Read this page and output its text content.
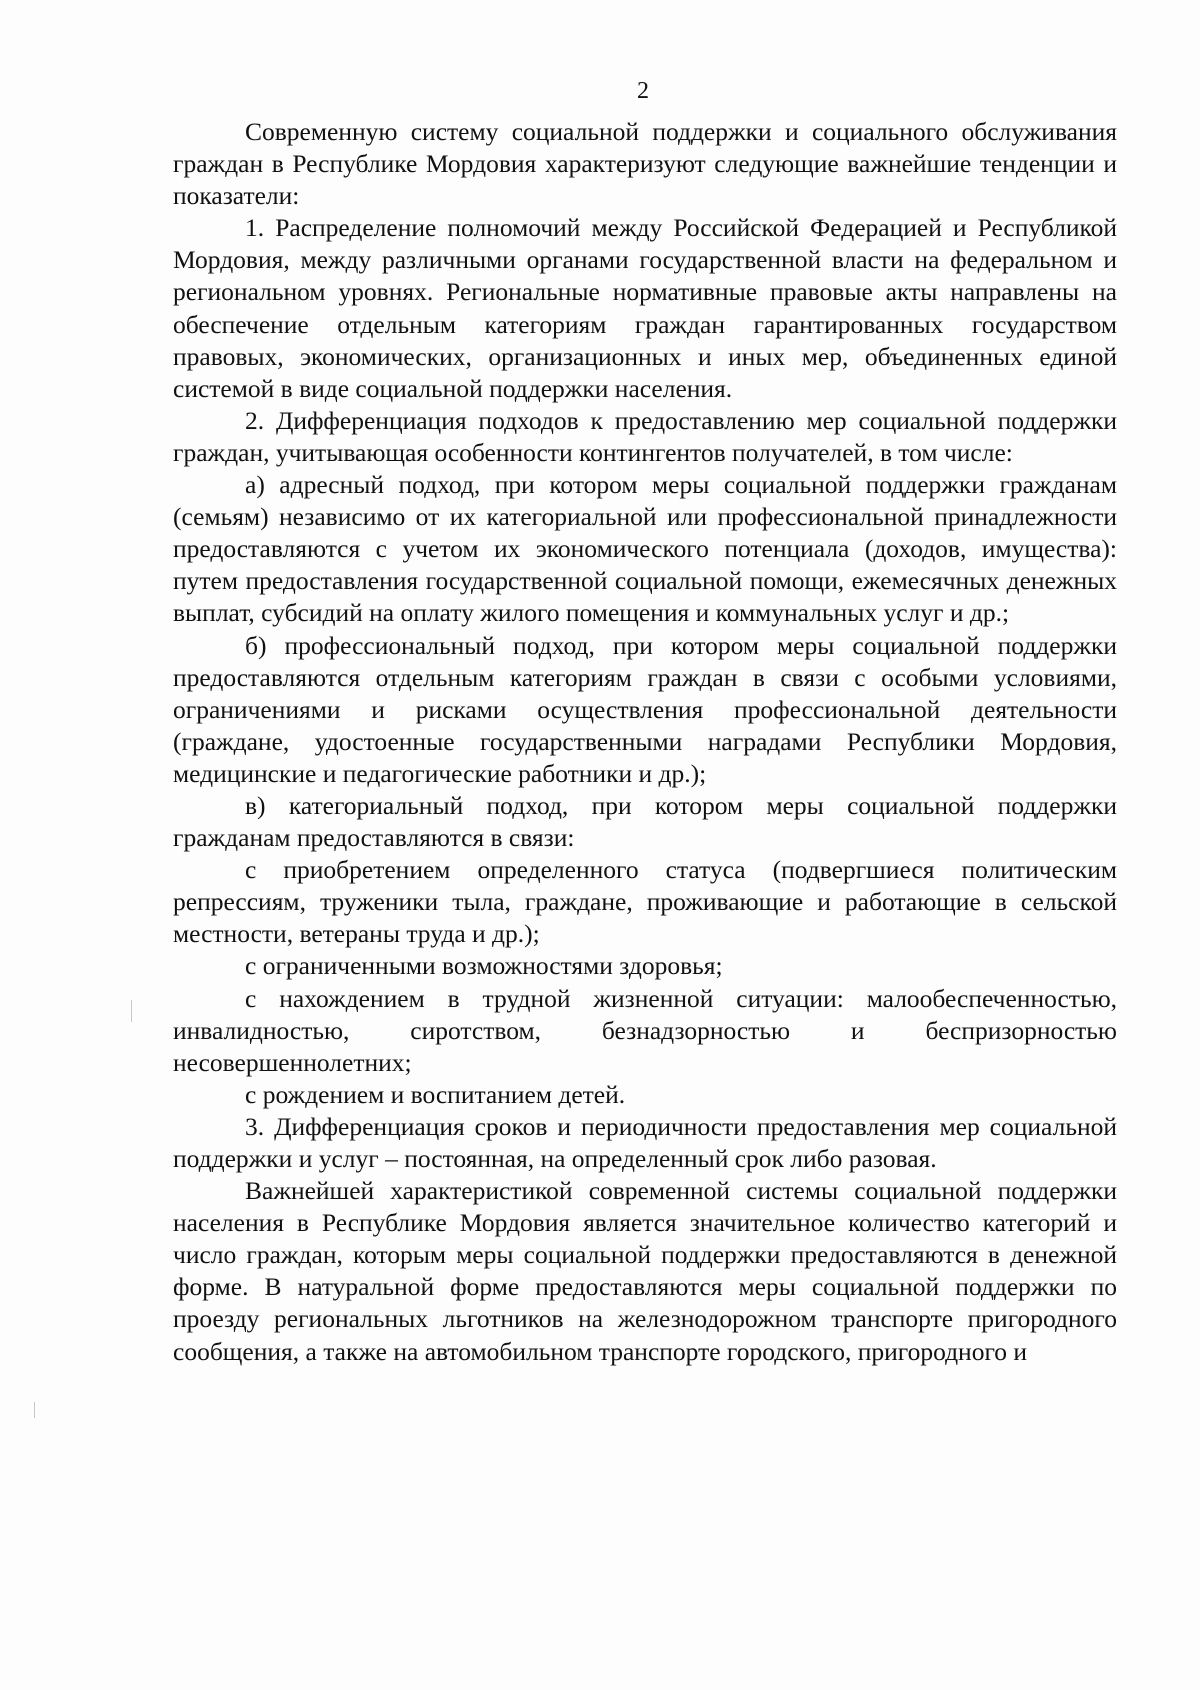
2

Современную систему социальной поддержки и социального обслуживания граждан в Республике Мордовия характеризуют следующие важнейшие тенденции и показатели:

1. Распределение полномочий между Российской Федерацией и Республикой Мордовия, между различными органами государственной власти на федеральном и региональном уровнях. Региональные нормативные правовые акты направлены на обеспечение отдельным категориям граждан гарантированных государством правовых, экономических, организационных и иных мер, объединенных единой системой в виде социальной поддержки населения.

2. Дифференциация подходов к предоставлению мер социальной поддержки граждан, учитывающая особенности контингентов получателей, в том числе:

а) адресный подход, при котором меры социальной поддержки гражданам (семьям) независимо от их категориальной или профессиональной принадлежности предоставляются с учетом их экономического потенциала (доходов, имущества): путем предоставления государственной социальной помощи, ежемесячных денежных выплат, субсидий на оплату жилого помещения и коммунальных услуг и др.;

б) профессиональный подход, при котором меры социальной поддержки предоставляются отдельным категориям граждан в связи с особыми условиями, ограничениями и рисками осуществления профессиональной деятельности (граждане, удостоенные государственными наградами Республики Мордовия, медицинские и педагогические работники и др.);

в) категориальный подход, при котором меры социальной поддержки гражданам предоставляются в связи:

с приобретением определенного статуса (подвергшиеся политическим репрессиям, труженики тыла, граждане, проживающие и работающие в сельской местности, ветераны труда и др.);

с ограниченными возможностями здоровья;

с нахождением в трудной жизненной ситуации: малообеспеченностью, инвалидностью, сиротством, безнадзорностью и беспризорностью несовершеннолетних;

с рождением и воспитанием детей.

3. Дифференциация сроков и периодичности предоставления мер социальной поддержки и услуг – постоянная, на определенный срок либо разовая.

Важнейшей характеристикой современной системы социальной поддержки населения в Республике Мордовия является значительное количество категорий и число граждан, которым меры социальной поддержки предоставляются в денежной форме. В натуральной форме предоставляются меры социальной поддержки по проезду региональных льготников на железнодорожном транспорте пригородного сообщения, а также на автомобильном транспорте городского, пригородного и
